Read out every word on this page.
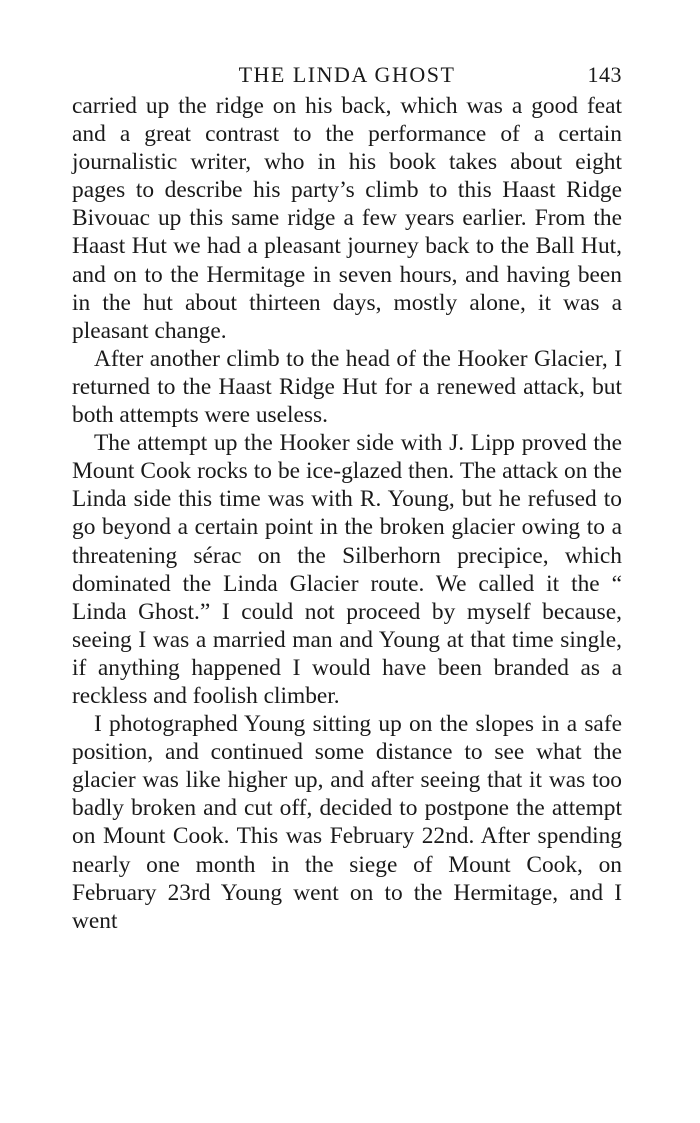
THE LINDA GHOST	143

carried up the ridge on his back, which was a good feat and a great contrast to the performance of a certain journalistic writer, who in his book takes about eight pages to describe his party’s climb to this Haast Ridge Bivouac up this same ridge a few years earlier. From the Haast Hut we had a pleasant journey back to the Ball Hut, and on to the Hermitage in seven hours, and having been in the hut about thirteen days, mostly alone, it was a pleasant change.

After another climb to the head of the Hooker Glacier, I returned to the Haast Ridge Hut for a renewed attack, but both attempts were useless.

The attempt up the Hooker side with J. Lipp proved the Mount Cook rocks to be ice-glazed then. The attack on the Linda side this time was with R. Young, but he refused to go beyond a certain point in the broken glacier owing to a threatening sérac on the Silberhorn precipice, which dominated the Linda Glacier route. We called it the “ Linda Ghost.” I could not proceed by myself because, seeing I was a married man and Young at that time single, if anything happened I would have been branded as a reckless and foolish climber.

I photographed Young sitting up on the slopes in a safe position, and continued some distance to see what the glacier was like higher up, and after seeing that it was too badly broken and cut off, decided to postpone the attempt on Mount Cook. This was February 22nd. After spending nearly one month in the siege of Mount Cook, on February 23rd Young went on to the Hermitage, and I went
